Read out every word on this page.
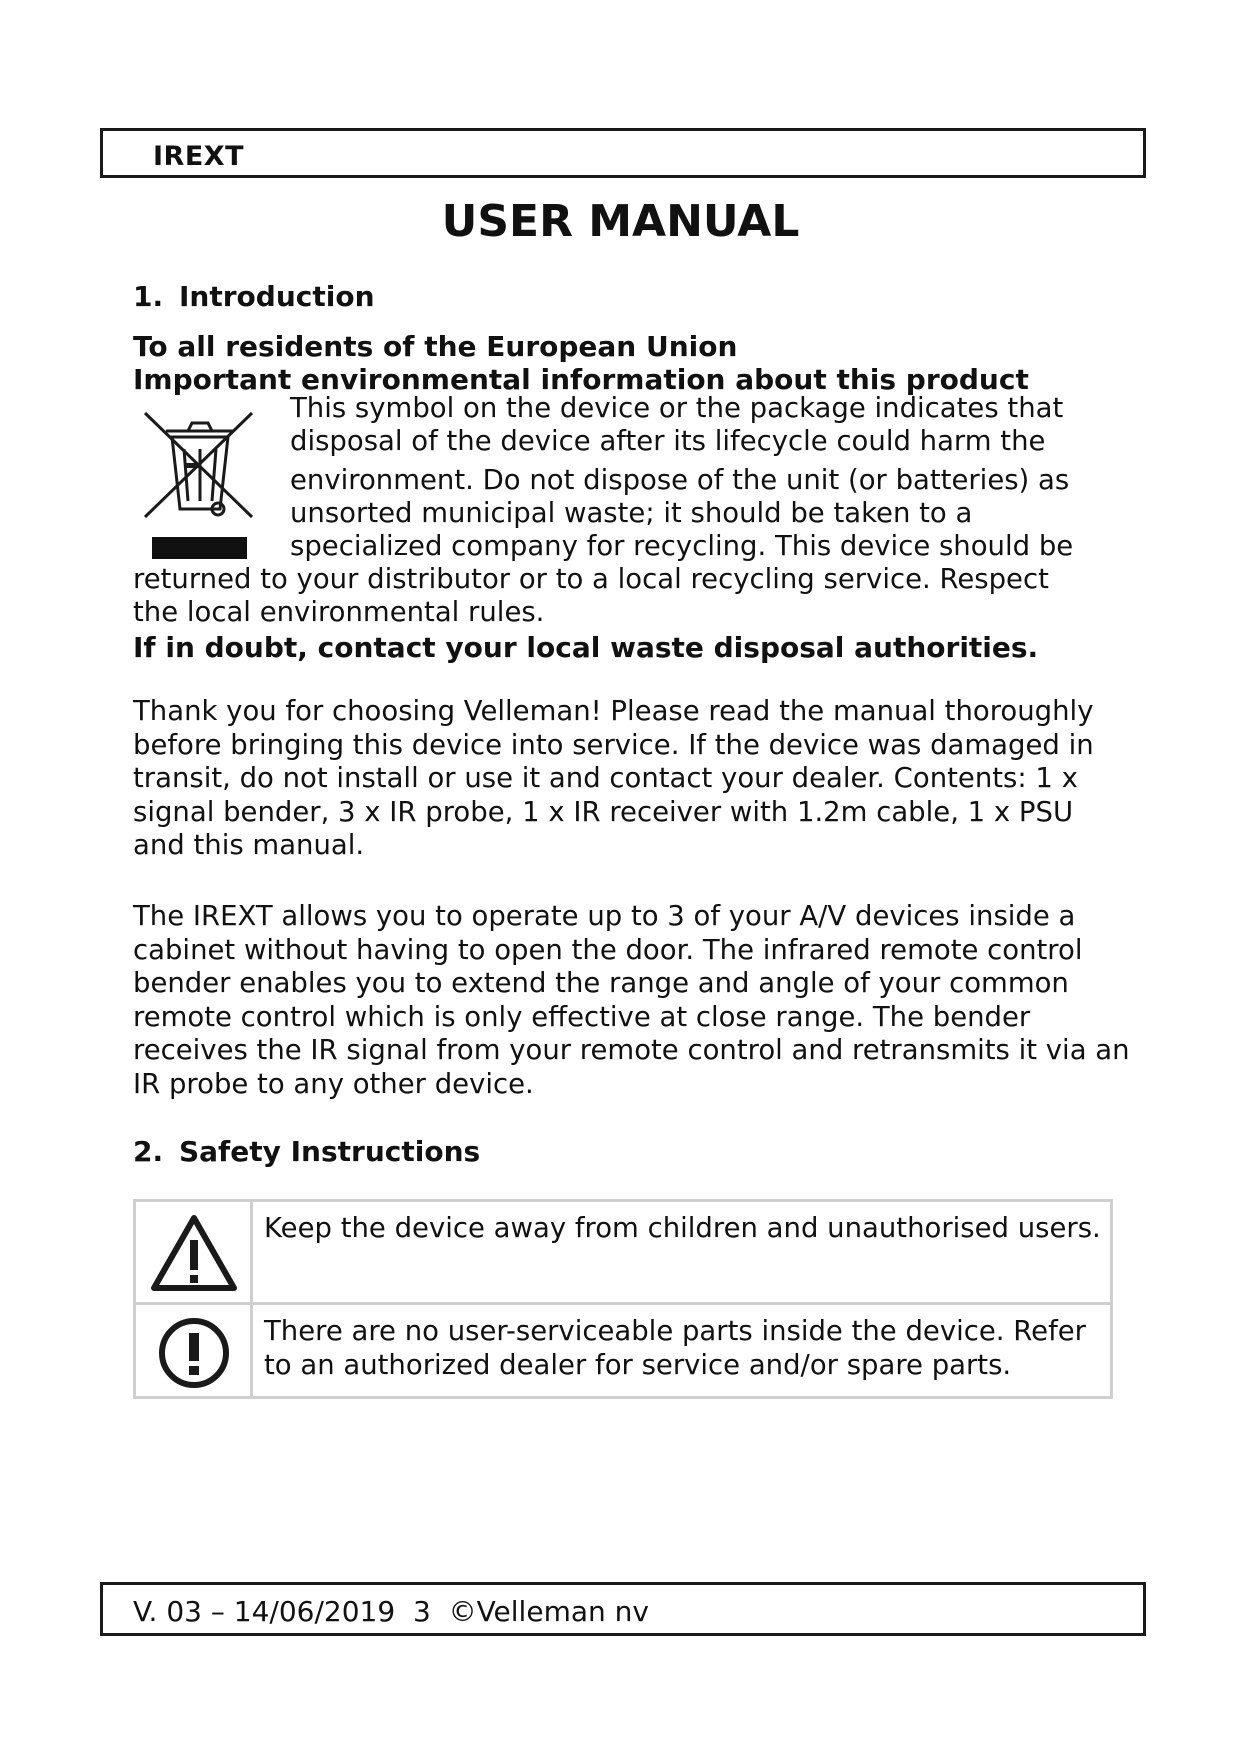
IREXT
USER MANUAL
1. Introduction
To all residents of the European Union
Important environmental information about this product
This symbol on the device or the package indicates that
disposal of the device after its lifecycle could harm the
environment. Do not dispose of the unit (or batteries) as
unsorted municipal waste; it should be taken to a
specialized company for recycling. This device should be
returned to your distributor or to a local recycling service. Respect
the local environmental rules.
If in doubt, contact your local waste disposal authorities.
Thank you for choosing Velleman! Please read the manual thoroughly before bringing this device into service. If the device was damaged in transit, do not install or use it and contact your dealer. Contents: 1 x signal bender, 3 x IR probe, 1 x IR receiver with 1.2m cable, 1 x PSU and this manual.
The IREXT allows you to operate up to 3 of your A/V devices inside a cabinet without having to open the door. The infrared remote control bender enables you to extend the range and angle of your common remote control which is only effective at close range. The bender receives the IR signal from your remote control and retransmits it via an IR probe to any other device.
2. Safety Instructions
Keep the device away from children and unauthorised users.
There are no user-serviceable parts inside the device. Refer to an authorized dealer for service and/or spare parts.
V. 03 – 14/06/2019  3  ©Velleman nv
